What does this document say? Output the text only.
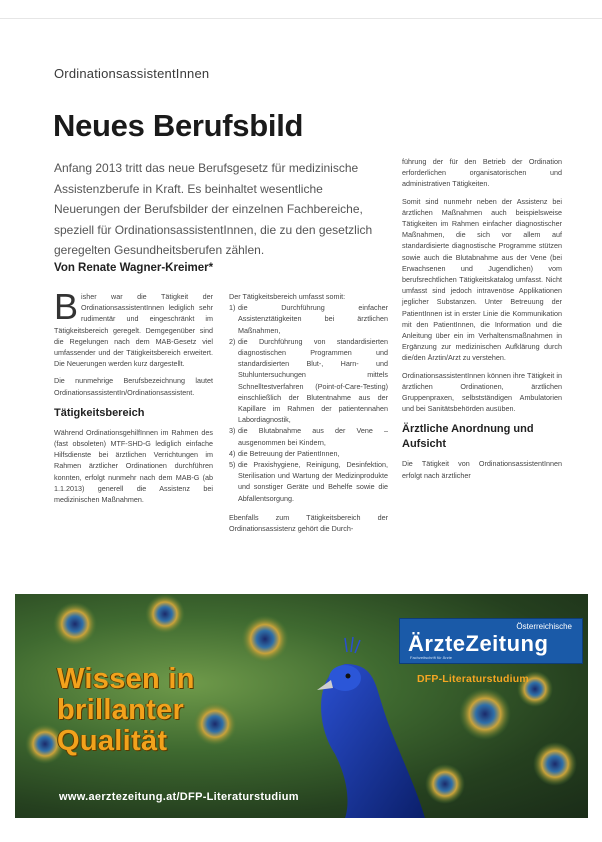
OrdinationsassistentInnen
Neues Berufsbild

Anfang 2013 tritt das neue Berufsgesetz für medizinische Assistenzberufe in Kraft. Es beinhaltet wesentliche Neuerungen der Berufsbilder der einzelnen Fachbereiche, speziell für OrdinationsassistentInnen, die zu den gesetzlich geregelten Gesundheitsberufen zählen.

Von Renate Wagner-Kreimer*

Bisher war die Tätigkeit der OrdinationsassistentInnen lediglich sehr rudimentär und eingeschränkt im Tätigkeitsbereich geregelt. Demgegenüber sind die Regelungen nach dem MAB-Gesetz viel umfassender und der Tätigkeitsbereich erweitert. Die Neuerungen werden kurz dargestellt.

Die nunmehrige Berufsbezeichnung lautet OrdinationsassistentIn/Ordinationsassistent.

Tätigkeitsbereich

Während OrdinationsgehilfInnen im Rahmen des (fast obsoleten) MTF-SHD-G lediglich einfache Hilfsdienste bei ärztlichen Verrichtungen im Rahmen ärztlicher Ordinationen durchführen konnten, erfolgt nunmehr nach dem MAB-G (ab 1.1.2013) generell die Assistenz bei medizinischen Maßnahmen.

Der Tätigkeitsbereich umfasst somit:

1) die Durchführung einfacher Assistenztätigkeiten bei ärztlichen Maßnahmen,
2) die Durchführung von standardisierten diagnostischen Programmen und standardisierten Blut-, Harn- und Stuhluntersuchungen mittels Schnelltestverfahren (Point-of-Care-Testing) einschließlich der Blutentnahme aus der Kapillare im Rahmen der patientennahen Labordiagnostik,
3) die Blutabnahme aus der Vene – ausgenommen bei Kindern,
4) die Betreuung der PatientInnen,
5) die Praxishygiene, Reinigung, Desinfektion, Sterilisation und Wartung der Medizinprodukte und sonstiger Geräte und Behelfe sowie die Abfallentsorgung.

Ebenfalls zum Tätigkeitsbereich der Ordinationsassistenz gehört die Durch-

führung der für den Betrieb der Ordination erforderlichen organisatorischen und administrativen Tätigkeiten.

Somit sind nunmehr neben der Assistenz bei ärztlichen Maßnahmen auch beispielsweise Tätigkeiten im Rahmen einfacher diagnostischer Maßnahmen, die sich vor allem auf standardisierte diagnostische Programme stützen sowie auch die Blutabnahme aus der Vene (bei Erwachsenen und Jugendlichen) vom berufsrechtlichen Tätigkeitskatalog umfasst. Nicht umfasst sind jedoch intravenöse Applikationen jeglicher Substanzen. Unter Betreuung der PatientInnen ist in erster Linie die Kommunikation mit den PatientInnen, die Information und die Anleitung über ein im Verhaltensmaßnahmen in Ergänzung zur medizinischen Aufklärung durch die/den Ärztin/Arzt zu verstehen.

OrdinationsassistentInnen können ihre Tätigkeit in ärztlichen Ordinationen, ärztlichen Gruppenpraxen, selbstständigen Ambulatorien und bei Sanitätsbehörden ausüben.

Ärztliche Anordnung und Aufsicht

Die Tätigkeit von OrdinationsassistentInnen erfolgt nach ärztlicher

Wissen in
brillanter
Qualität
Österreichische
ÄrzteZeitung
Fachzeitschrift für Ärzte
DFP-Literaturstudium
www.aerztezeitung.at/DFP-Literaturstudium
